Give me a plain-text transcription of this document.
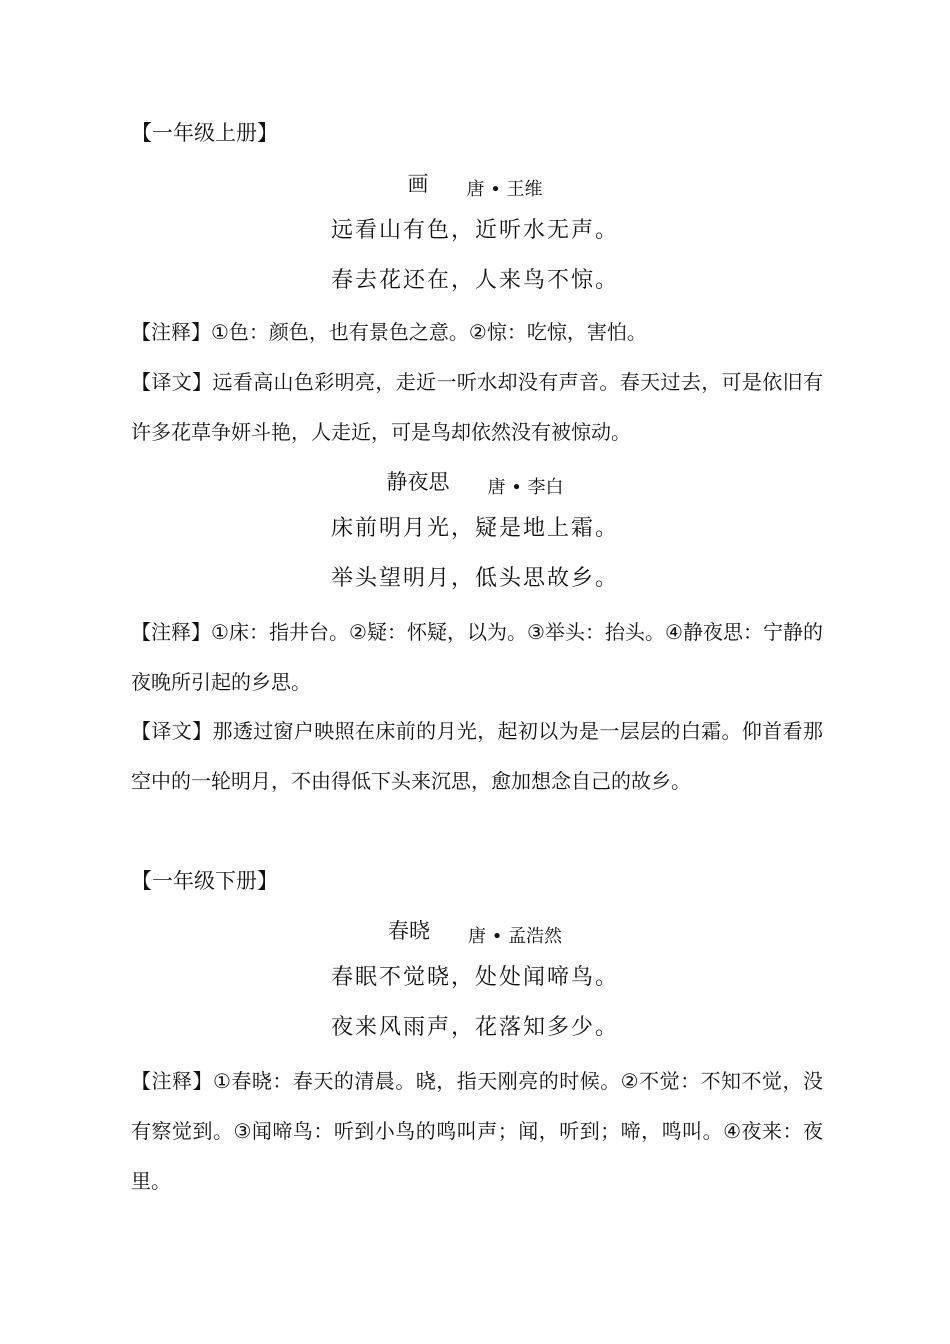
【一年级上册】
画 唐 • 王维
远看山有色，近听水无声。
春去花还在，人来鸟不惊。
【注释】①色：颜色，也有景色之意。②惊：吃惊，害怕。
【译文】远看高山色彩明亮，走近一听水却没有声音。春天过去，可是依旧有许多花草争妍斗艳，人走近，可是鸟却依然没有被惊动。
静夜思 唐 • 李白
床前明月光，疑是地上霜。
举头望明月，低头思故乡。
【注释】①床：指井台。②疑：怀疑，以为。③举头：抬头。④静夜思：宁静的夜晚所引起的乡思。
【译文】那透过窗户映照在床前的月光，起初以为是一层层的白霜。仰首看那空中的一轮明月，不由得低下头来沉思，愈加想念自己的故乡。
【一年级下册】
春晓 唐 • 孟浩然
春眠不觉晓，处处闻啼鸟。
夜来风雨声，花落知多少。
【注释】①春晓：春天的清晨。晓，指天刚亮的时候。②不觉：不知不觉，没有察觉到。③闻啼鸟：听到小鸟的鸣叫声；闻，听到；啼，鸣叫。④夜来：夜里。
